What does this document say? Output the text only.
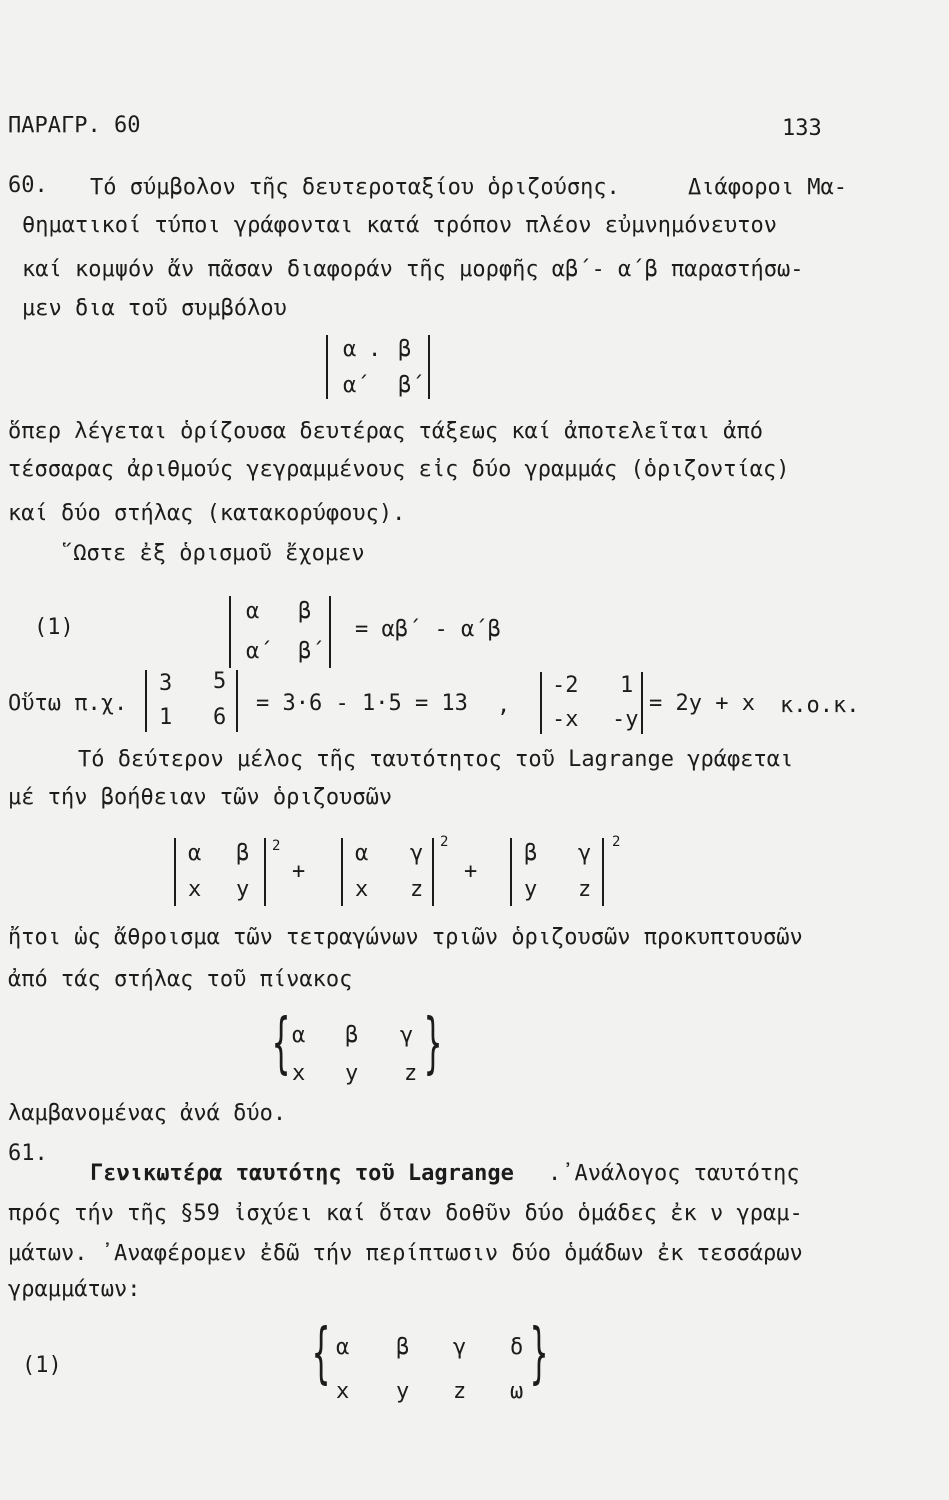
ΠΑΡΑΓΡ. 60	133
60. Τό σύμβολον τῆς δευτεροταξίου ὁριζούσης.	Διάφοροι Μα-
θηματικοί τύποι γράφονται κατά τρόπον πλέον εὐμνημόνευτον
καί κομψόν ἄν πᾶσαν διαφοράν τῆς μορφῆς αβ΄- α΄β παραστήσω-
μεν δια τοῦ συμβόλου
α . β
α΄ β΄
ὅπερ λέγεται ὁρίζουσα δευτέρας τάξεως καί ἀποτελεῖται ἀπό
τέσσαρας ἀριθμούς γεγραμμένους εἰς δύο γραμμάς (ὁριζοντίας)
καί δύο στήλας (κατακορύφους).
῞Ωστε ἐξ ὁρισμοῦ ἔχομεν
(1)
α β
α΄ β΄
= αβ΄ - α΄β
Οὕτω π.χ.
3 5
1 6
= 3·6 - 1·5 = 13 ,
-2 1
-x -y
= 2y + x κ.ο.κ.
Τό δεύτερον μέλος τῆς ταυτότητος τοῦ Lagrange γράφεται
μέ τήν βοήθειαν τῶν ὁριζουσῶν
α β
x y
2
+
α γ
x z
2
+
β γ
y z
2
ἤτοι ὡς ἄθροισμα τῶν τετραγώνων τριῶν ὁριζουσῶν προκυπτουσῶν
ἀπό τάς στήλας τοῦ πίνακος
{ α β γ
x y z }
λαμβανομένας ἀνά δύο.
61.
Γενικωτέρα ταυτότης τοῦ Lagrange .᾽Ανάλογος ταυτότης
πρός τήν τῆς §59 ἰσχύει καί ὅταν δοθῦν δύο ὁμάδες ἐκ ν γραμ-
μάτων. ᾽Αναφέρομεν ἐδῶ τήν περίπτωσιν δύο ὁμάδων ἐκ τεσσάρων
γραμμάτων:
(1)	{ α β γ δ
x y z ω }
